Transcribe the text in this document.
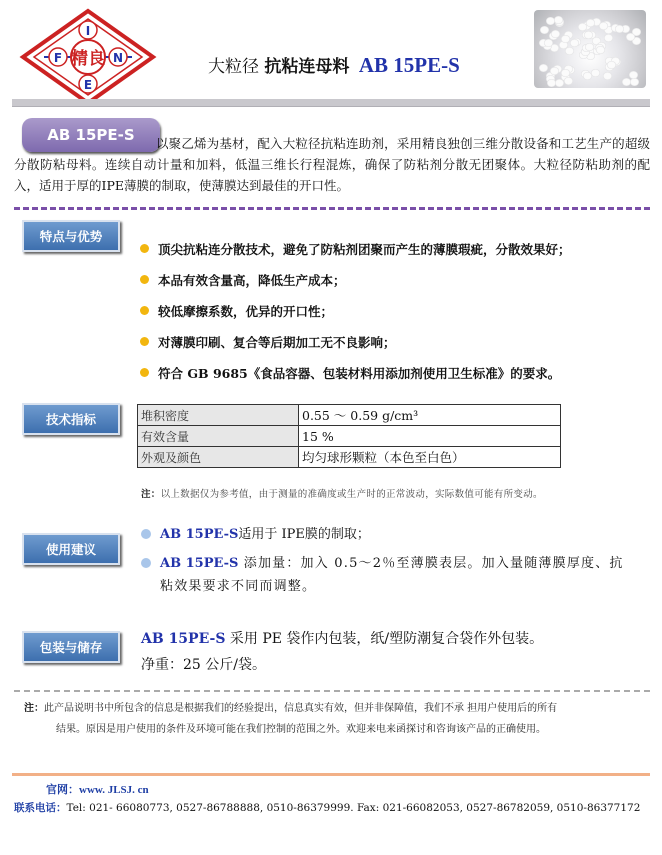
精良
I
F	N
E
大粒径 抗粘连母料 AB 15PE-S
AB 15PE-S	以聚乙烯为基材，配入大粒径抗粘连助剂，采用精良独创三维分散设备和工艺生产的超级分散防粘母料。连续自动计量和加料，低温三维长行程混炼，确保了防粘剂分散无团聚体。大粒径防粘助剂的配入，适用于厚的IPE薄膜的制取，使薄膜达到最佳的开口性。
特点与优势
顶尖抗粘连分散技术，避免了防粘剂团聚而产生的薄膜瑕疵，分散效果好；
本品有效含量高，降低生产成本；
较低摩擦系数，优异的开口性；
对薄膜印刷、复合等后期加工无不良影响；
符合 GB 9685《食品容器、包装材料用添加剂使用卫生标准》的要求。
技术指标	堆积密度	0.55 ～ 0.59 g/cm³
有效含量	15 %
外观及颜色	均匀球形颗粒（本色至白色）
注：以上数据仅为参考值，由于测量的准确度或生产时的正常波动，实际数值可能有所变动。
使用建议
AB 15PE-S适用于 IPE膜的制取；
AB 15PE-S 添加量：加入 0.5～2％至薄膜表层。加入量随薄膜厚度、抗粘效果要求不同而调整。
包装与储存
AB 15PE-S 采用 PE 袋作内包装，纸/塑防潮复合袋作外包装。
净重：25 公斤/袋。
注：此产品说明书中所包含的信息是根据我们的经验提出，信息真实有效，但并非保障值，我们不承 担用户使用后的所有
结果。原因是用户使用的条件及环境可能在我们控制的范围之外。欢迎来电来函探讨和咨询该产品的正确使用。
官网：www. JLSJ. cn
联系电话：Tel: 021- 66080773, 0527-86788888, 0510-86379999. Fax: 021-66082053, 0527-86782059, 0510-86377172
